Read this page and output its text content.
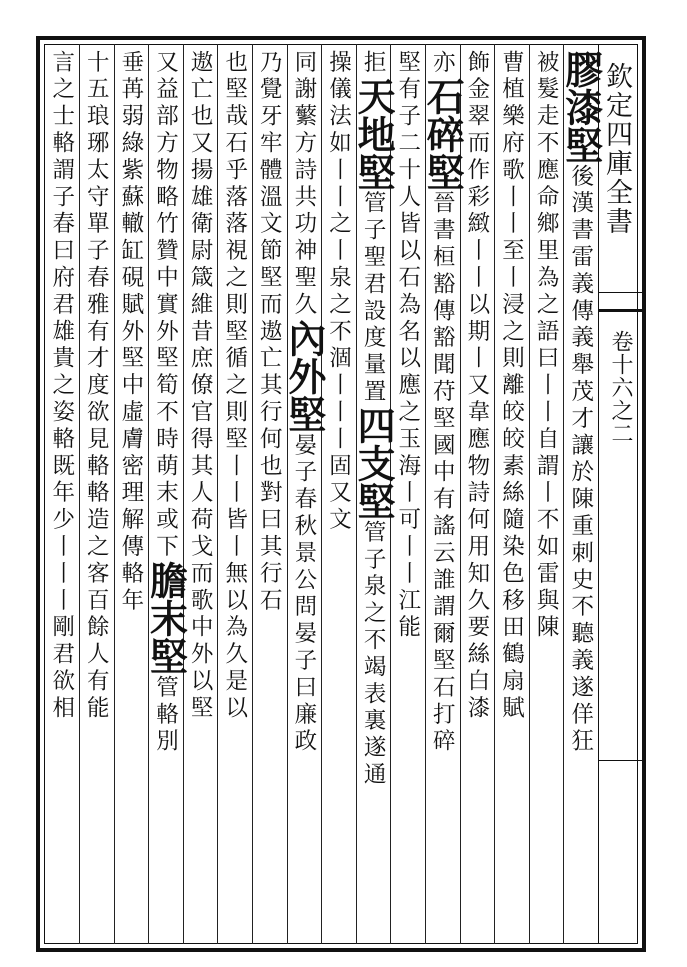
欽定四庫全書
卷十六之二
膠漆堅後漢書雷義傳義舉茂才讓於陳重刺史不聽義遂佯狂
被髮走不應命鄉里為之語曰丨丨自謂丨不如雷與陳
曹植樂府歌丨丨至丨浸之則離皎皎素絲隨染色移田鶴扇賦
飾金翠而作彩緻丨丨以期丨又韋應物詩何用知久要絲白漆
亦石碎堅晉書桓豁傳豁聞苻堅國中有謠云誰謂爾堅石打碎
堅有子二十人皆以石為名以應之玉海丨可丨丨江能
拒天地堅管子聖君設度量置四支堅管子泉之不竭表裏遂通
操儀法如丨丨之丨泉之不涸丨丨丨固又文
同謝蘩方詩共功神聖久內外堅晏子春秋景公問晏子曰廉政
乃覺牙牢體溫文節堅而遨亡其行何也對曰其行石
也堅哉石乎落落視之則堅循之則堅丨丨皆丨無以為久是以
遨亡也又揚雄衛尉箴維昔庶僚官得其人荷戈而歌中外以堅
又益部方物略竹贊中實外堅筍不時萌末或下膽末堅管輅別
垂苒弱綠紫蘇轍缸硯賦外堅中虛膚密理解傳輅年
十五琅琊太守單子春雅有才度欲見輅輅造之客百餘人有能
言之士輅謂子春曰府君雄貴之姿輅既年少丨丨丨剛君欲相
